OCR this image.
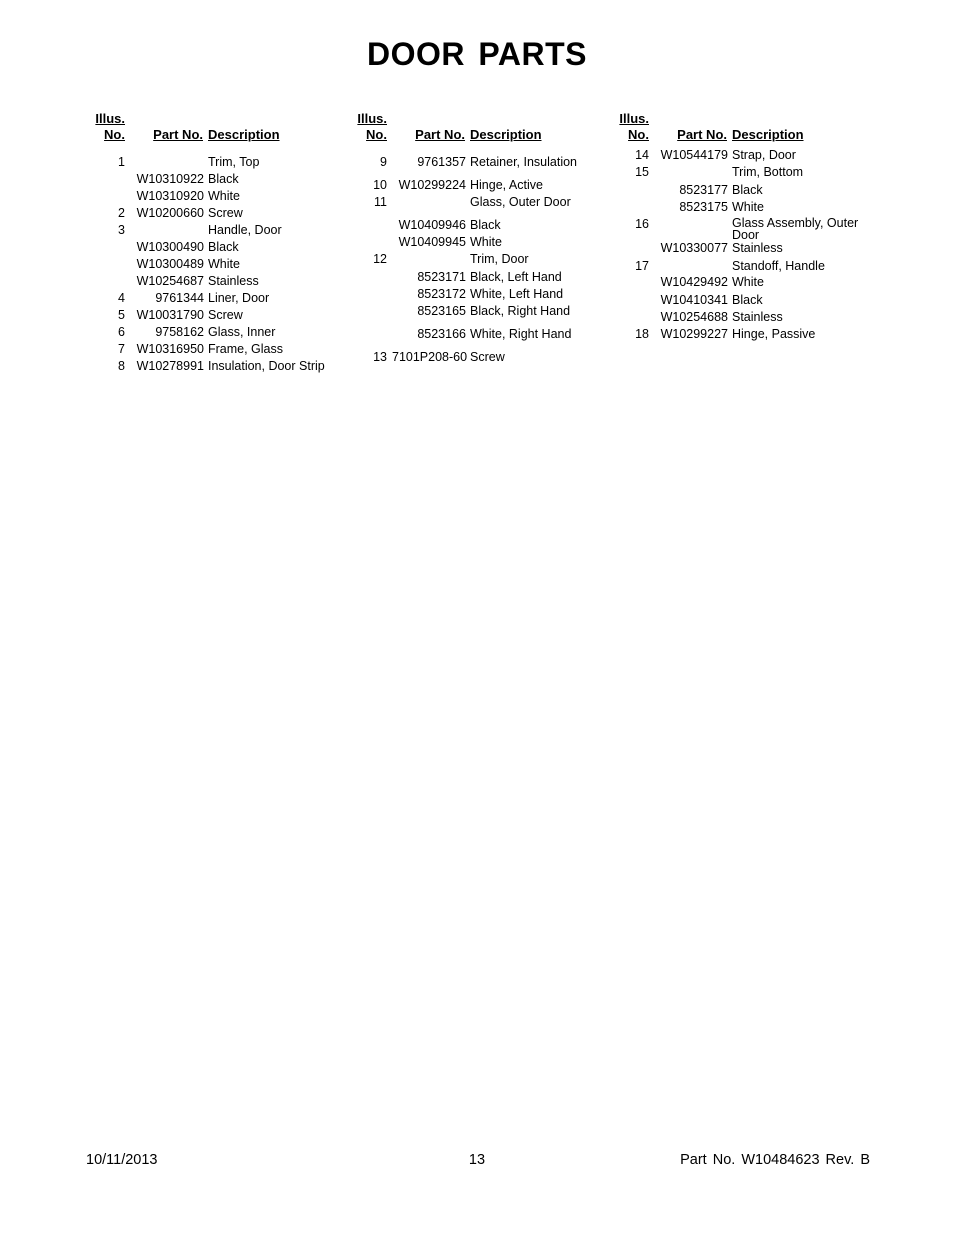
DOOR PARTS
Illus.
No.	Part No. Description
1	Trim, Top
W10310922 Black
W10310920 White
2 W10200660 Screw
3	Handle, Door
W10300490 Black
W10300489 White
W10254687 Stainless
4	9761344 Liner, Door
5 W10031790 Screw
6	9758162 Glass, Inner
7 W10316950 Frame, Glass
8 W10278991 Insulation, Door Strip
Illus.
No.	Part No. Description
9	9761357 Retainer, Insulation
10 W10299224 Hinge, Active
11	Glass, Outer Door
W10409946 Black
W10409945 White
12	Trim, Door
8523171 Black, Left Hand
8523172 White, Left Hand
8523165 Black, Right Hand
8523166 White, Right Hand
13 7101P208-60 Screw
Illus.
No.	Part No. Description
14 W10544179 Strap, Door
15	Trim, Bottom
8523177 Black
8523175 White
16	Glass Assembly, Outer Door
W10330077 Stainless
17	Standoff, Handle
W10429492 White
W10410341 Black
W10254688 Stainless
18 W10299227 Hinge, Passive
10/11/2013	13	Part No. W10484623 Rev. B
